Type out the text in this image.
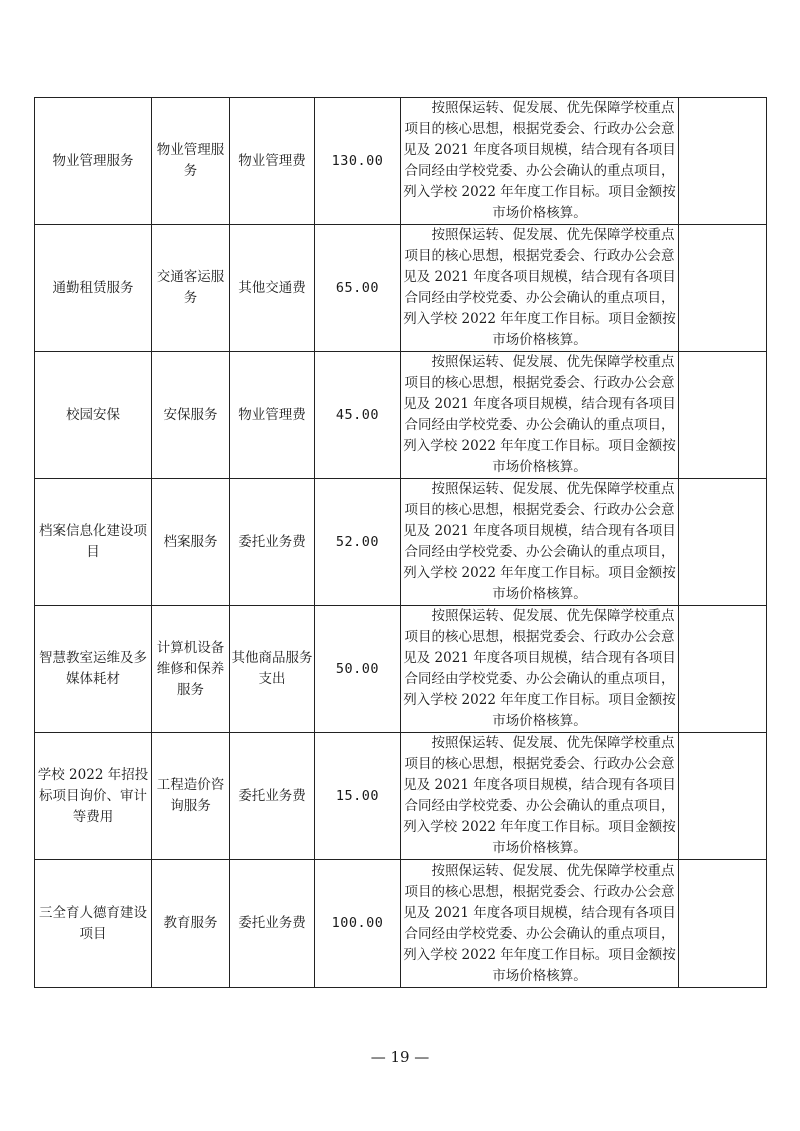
物业管理服务	物业管理服务	物业管理费	130.00	按照保运转、促发展、优先保障学校重点项目的核心思想，根据党委会、行政办公会意见及 2021 年度各项目规模，结合现有各项目合同经由学校党委、办公会确认的重点项目，列入学校 2022 年年度工作目标。项目金额按市场价格核算。	

通勤租赁服务	交通客运服务	其他交通费	65.00	按照保运转、促发展、优先保障学校重点项目的核心思想，根据党委会、行政办公会意见及 2021 年度各项目规模，结合现有各项目合同经由学校党委、办公会确认的重点项目，列入学校 2022 年年度工作目标。项目金额按市场价格核算。	

校园安保	安保服务	物业管理费	45.00	按照保运转、促发展、优先保障学校重点项目的核心思想，根据党委会、行政办公会意见及 2021 年度各项目规模，结合现有各项目合同经由学校党委、办公会确认的重点项目，列入学校 2022 年年度工作目标。项目金额按市场价格核算。	

档案信息化建设项目	档案服务	委托业务费	52.00	按照保运转、促发展、优先保障学校重点项目的核心思想，根据党委会、行政办公会意见及 2021 年度各项目规模，结合现有各项目合同经由学校党委、办公会确认的重点项目，列入学校 2022 年年度工作目标。项目金额按市场价格核算。	

智慧教室运维及多媒体耗材	计算机设备维修和保养服务	其他商品服务支出	50.00	按照保运转、促发展、优先保障学校重点项目的核心思想，根据党委会、行政办公会意见及 2021 年度各项目规模，结合现有各项目合同经由学校党委、办公会确认的重点项目，列入学校 2022 年年度工作目标。项目金额按市场价格核算。	

学校 2022 年招投标项目询价、审计等费用	工程造价咨询服务	委托业务费	15.00	按照保运转、促发展、优先保障学校重点项目的核心思想，根据党委会、行政办公会意见及 2021 年度各项目规模，结合现有各项目合同经由学校党委、办公会确认的重点项目，列入学校 2022 年年度工作目标。项目金额按市场价格核算。	

三全育人德育建设项目	教育服务	委托业务费	100.00	按照保运转、促发展、优先保障学校重点项目的核心思想，根据党委会、行政办公会意见及 2021 年度各项目规模，结合现有各项目合同经由学校党委、办公会确认的重点项目，列入学校 2022 年年度工作目标。项目金额按市场价格核算。	

— 19 —
